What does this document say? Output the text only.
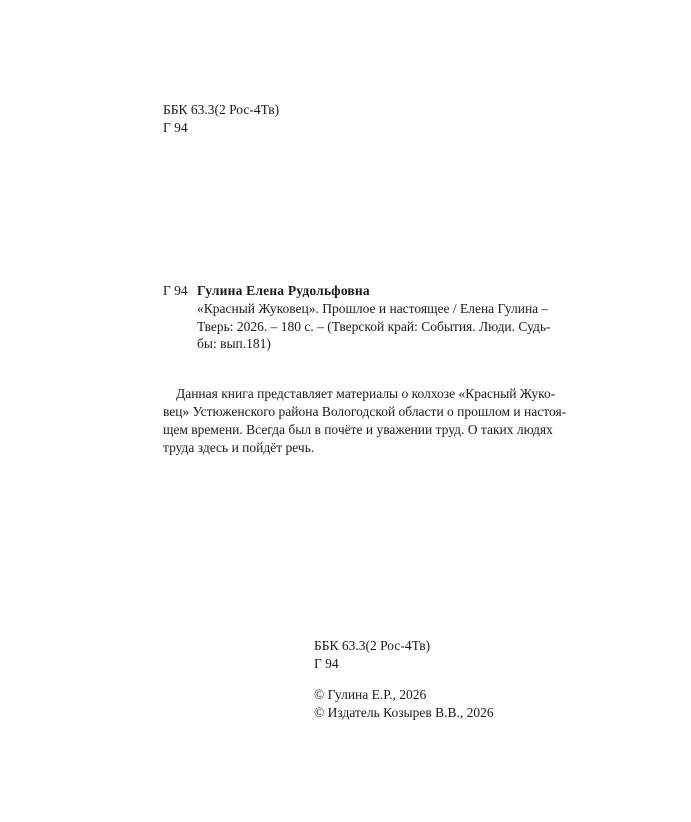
ББК 63.3(2 Рос-4Тв)
Г 94
Г 94 Гулина Елена Рудольфовна
«Красный Жуковец». Прошлое и настоящее / Елена Гулина –
Тверь: 2026. – 180 с. – (Тверской край: События. Люди. Судь-
бы: вып.181)
Данная книга представляет материалы о колхозе «Красный Жуко-
вец» Устюженского района Вологодской области о прошлом и настоя-
щем времени. Всегда был в почёте и уважении труд. О таких людях
труда здесь и пойдёт речь.
ББК 63.3(2 Рос-4Тв)
Г 94
© Гулина Е.Р., 2026
© Издатель Козырев В.В., 2026
